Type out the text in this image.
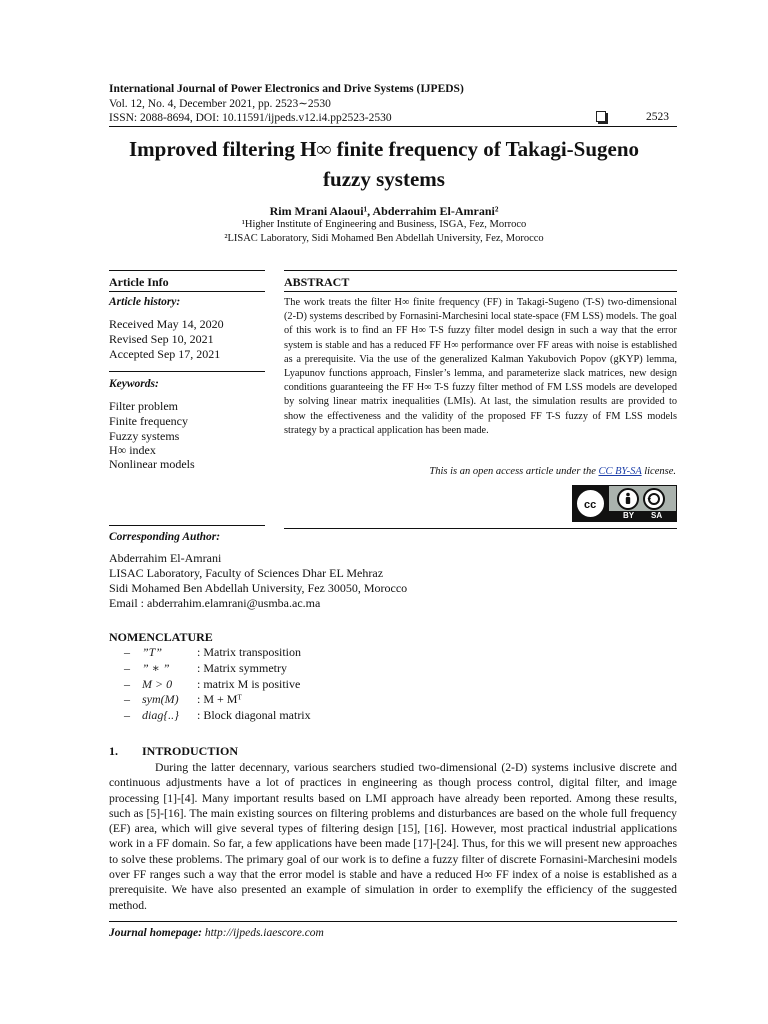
International Journal of Power Electronics and Drive Systems (IJPEDS)
Vol. 12, No. 4, December 2021, pp. 2523∼2530
ISSN: 2088-8694, DOI: 10.11591/ijpeds.v12.i4.pp2523-2530	2523
Improved filtering H∞ finite frequency of Takagi-Sugeno
fuzzy systems
Rim Mrani Alaoui¹, Abderrahim El-Amrani²
¹Higher Institute of Engineering and Business, ISGA, Fez, Morroco
²LISAC Laboratory, Sidi Mohamed Ben Abdellah University, Fez, Morocco
Article Info
Article history:
Received May 14, 2020
Revised Sep 10, 2021
Accepted Sep 17, 2021
Keywords:
Filter problem
Finite frequency
Fuzzy systems
H∞ index
Nonlinear models
ABSTRACT
The work treats the filter H∞ finite frequency (FF) in Takagi-Sugeno (T-S) two-dimensional (2-D) systems described by Fornasini-Marchesini local state-space (FM LSS) models. The goal of this work is to find an FF H∞ T-S fuzzy filter model design in such a way that the error system is stable and has a reduced FF H∞ performance over FF areas with noise is established as a prerequisite. Via the use of the generalized Kalman Yakubovich Popov (gKYP) lemma, Lyapunov functions approach, Finsler’s lemma, and parameterize slack matrices, new design conditions guaranteeing the FF H∞ T-S fuzzy filter method of FM LSS models are developed by solving linear matrix inequalities (LMIs). At last, the simulation results are provided to show the effectiveness and the validity of the proposed FF T-S fuzzy of FM LSS models strategy by a practical application has been made.
This is an open access article under the CC BY-SA license.
cc
BY SA
Corresponding Author:
Abderrahim El-Amrani
LISAC Laboratory, Faculty of Sciences Dhar EL Mehraz
Sidi Mohamed Ben Abdellah University, Fez 30050, Morocco
Email : abderrahim.elamrani@usmba.ac.ma
NOMENCLATURE
– ”T”	: Matrix transposition
– ” ∗ ” : Matrix symmetry
– M > 0 : matrix M is positive
– sym(M) : M + Mᵀ
– diag{..} : Block diagonal matrix
1. INTRODUCTION
During the latter decennary, various searchers studied two-dimensional (2-D) systems inclusive discrete and continuous adjustments have a lot of practices in engineering as though process control, digital filter, and image processing [1]-[4]. Many important results based on LMI approach have already been reported. Among these results, such as [5]-[16]. The main existing sources on filtering problems and disturbances are based on the whole full frequency (EF) area, which will give several types of filtering design [15], [16]. However, most practical industrial applications work in a FF domain. So far, a few applications have been made [17]-[24]. Thus, for this we will present new approaches to solve these problems. The primary goal of our work is to define a fuzzy filter of discrete Fornasini-Marchesini models over FF ranges such a way that the error model is stable and have a reduced H∞ FF index of a noise is established as a prerequisite. We have also presented an example of simulation in order to exemplify the efficiency of the suggested method.
Journal homepage: http://ijpeds.iaescore.com
